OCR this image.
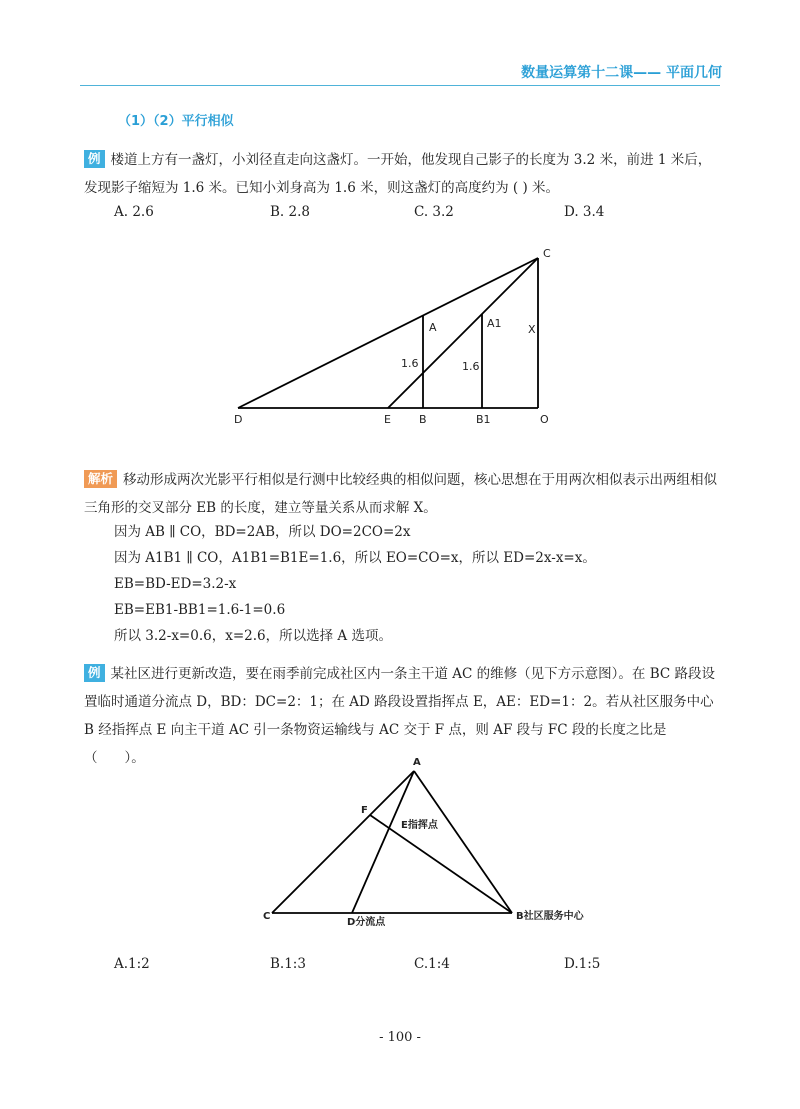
数量运算第十二课—— 平面几何
（1）（2）平行相似

例 楼道上方有一盏灯，小刘径直走向这盏灯。一开始，他发现自己影子的长度为 3.2 米，前进 1 米后，发现影子缩短为 1.6 米。已知小刘身高为 1.6 米，则这盏灯的高度约为 ( ) 米。

A. 2.6	B. 2.8	C. 3.2	D. 3.4
C
A	A1 X
1.6	1.6
D	E	B	B1	O

解析 移动形成两次光影平行相似是行测中比较经典的相似问题，核心思想在于用两次相似表示出两组相似三角形的交叉部分 EB 的长度，建立等量关系从而求解 X。

因为 AB ∥ CO，BD=2AB，所以 DO=2CO=2x
因为 A1B1 ∥ CO，A1B1=B1E=1.6，所以 EO=CO=x，所以 ED=2x-x=x。
EB=BD-ED=3.2-x
EB=EB1-BB1=1.6-1=0.6
所以 3.2-x=0.6，x=2.6，所以选择 A 选项。

例 某社区进行更新改造，要在雨季前完成社区内一条主干道 AC 的维修（见下方示意图）。在 BC 路段设置临时通道分流点 D，BD：DC=2：1；在 AD 路段设置指挥点 E，AE：ED=1：2。若从社区服务中心 B 经指挥点 E 向主干道 AC 引一条物资运输线与 AC 交于 F 点，则 AF 段与 FC 段的长度之比是（　　）。	A
F
E指挥点
C
D分流点
B社区服务中心
A.1:2	B.1:3	C.1:4	D.1:5
- 100 -
